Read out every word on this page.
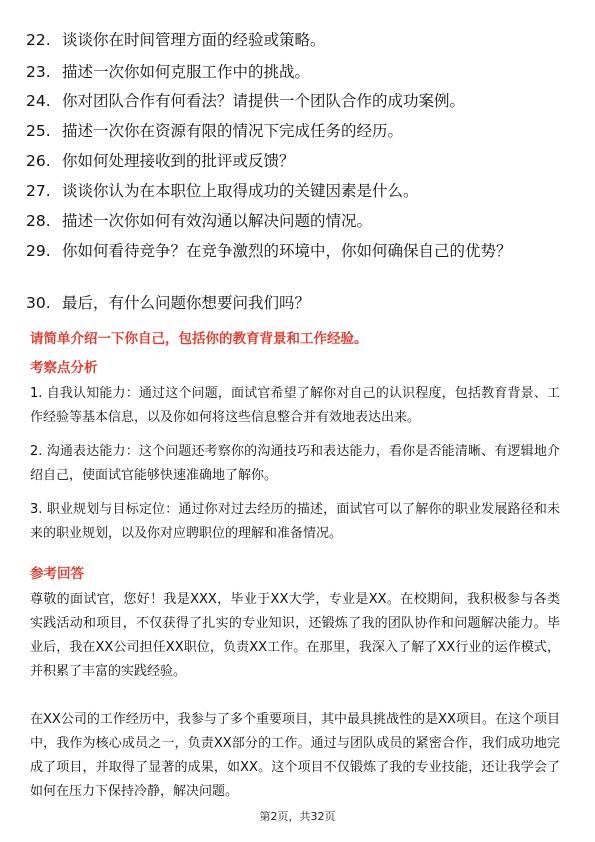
22. 谈谈你在时间管理方面的经验或策略。
23. 描述一次你如何克服工作中的挑战。
24. 你对团队合作有何看法？请提供一个团队合作的成功案例。
25. 描述一次你在资源有限的情况下完成任务的经历。
26. 你如何处理接收到的批评或反馈？
27. 谈谈你认为在本职位上取得成功的关键因素是什么。
28. 描述一次你如何有效沟通以解决问题的情况。
29. 你如何看待竞争？在竞争激烈的环境中，你如何确保自己的优势？
30. 最后，有什么问题你想要问我们吗？
请简单介绍一下你自己，包括你的教育背景和工作经验。
考察点分析
1. 自我认知能力：通过这个问题，面试官希望了解你对自己的认识程度，包括教育背景、工作经验等基本信息，以及你如何将这些信息整合并有效地表达出来。
2. 沟通表达能力：这个问题还考察你的沟通技巧和表达能力，看你是否能清晰、有逻辑地介绍自己，使面试官能够快速准确地了解你。
3. 职业规划与目标定位：通过你对过去经历的描述，面试官可以了解你的职业发展路径和未来的职业规划，以及你对应聘职位的理解和准备情况。
参考回答
尊敬的面试官，您好！我是XXX，毕业于XX大学，专业是XX。在校期间，我积极参与各类实践活动和项目，不仅获得了扎实的专业知识，还锻炼了我的团队协作和问题解决能力。毕业后，我在XX公司担任XX职位，负责XX工作。在那里，我深入了解了XX行业的运作模式，并积累了丰富的实践经验。
在XX公司的工作经历中，我参与了多个重要项目，其中最具挑战性的是XX项目。在这个项目中，我作为核心成员之一，负责XX部分的工作。通过与团队成员的紧密合作，我们成功地完成了项目，并取得了显著的成果，如XX。这个项目不仅锻炼了我的专业技能，还让我学会了如何在压力下保持冷静，解决问题。
第2页，共32页
